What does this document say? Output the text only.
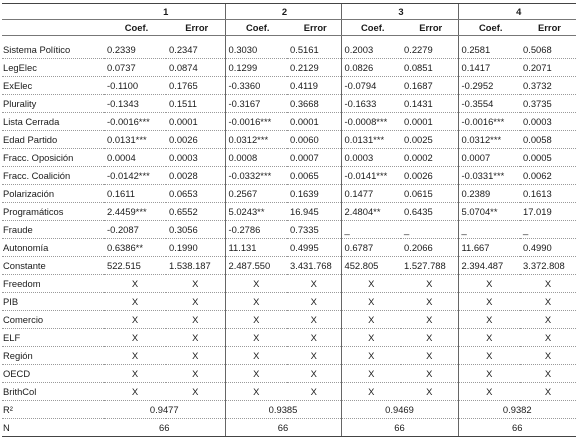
	1		2		3		4	
	Coef.	Error	Coef.	Error	Coef.	Error	Coef.	Error
Sistema Político	0.2339	0.2347	0.3030	0.5161	0.2003	0.2279	0.2581	0.5068
LegElec	0.0737	0.0874	0.1299	0.2129	0.0826	0.0851	0.1417	0.2071
ExElec	-0.1100	0.1765	-0.3360	0.4119	-0.0794	0.1687	-0.2952	0.3732
Plurality	-0.1343	0.1511	-0.3167	0.3668	-0.1633	0.1431	-0.3554	0.3735
Lista Cerrada	-0.0016***	0.0001	-0.0016***	0.0001	-0.0008***	0.0001	-0.0016***	0.0003
Edad Partido	0.0131***	0.0026	0.0312***	0.0060	0.0131***	0.0025	0.0312***	0.0058
Fracc. Oposición	0.0004	0.0003	0.0008	0.0007	0.0003	0.0002	0.0007	0.0005
Fracc. Coalición	-0.0142***	0.0028	-0.0332***	0.0065	-0.0141***	0.0026	-0.0331***	0.0062
Polarización	0.1611	0.0653	0.2567	0.1639	0.1477	0.0615	0.2389	0.1613
Programáticos	2.4459***	0.6552	5.0243**	16.945	2.4804**	0.6435	5.0704**	17.019
Fraude	-0.2087	0.3056	-0.2786	0.7335	_	_	_	_
Autonomía	0.6386**	0.1990	11.131	0.4995	0.6787	0.2066	11.667	0.4990
Constante	522.515	1.538.187	2.487.550	3.431.768	452.805	1.527.788	2.394.487	3.372.808
Freedom	X	X	X	X	X	X	X	X
PIB	X	X	X	X	X	X	X	X
Comercio	X	X	X	X	X	X	X	X
ELF	X	X	X	X	X	X	X	X
Región	X	X	X	X	X	X	X	X
OECD	X	X	X	X	X	X	X	X
BrithCol	X	X	X	X	X	X	X	X
R²	0.9477		0.9385		0.9469		0.9382	
N	66		66		66		66	
